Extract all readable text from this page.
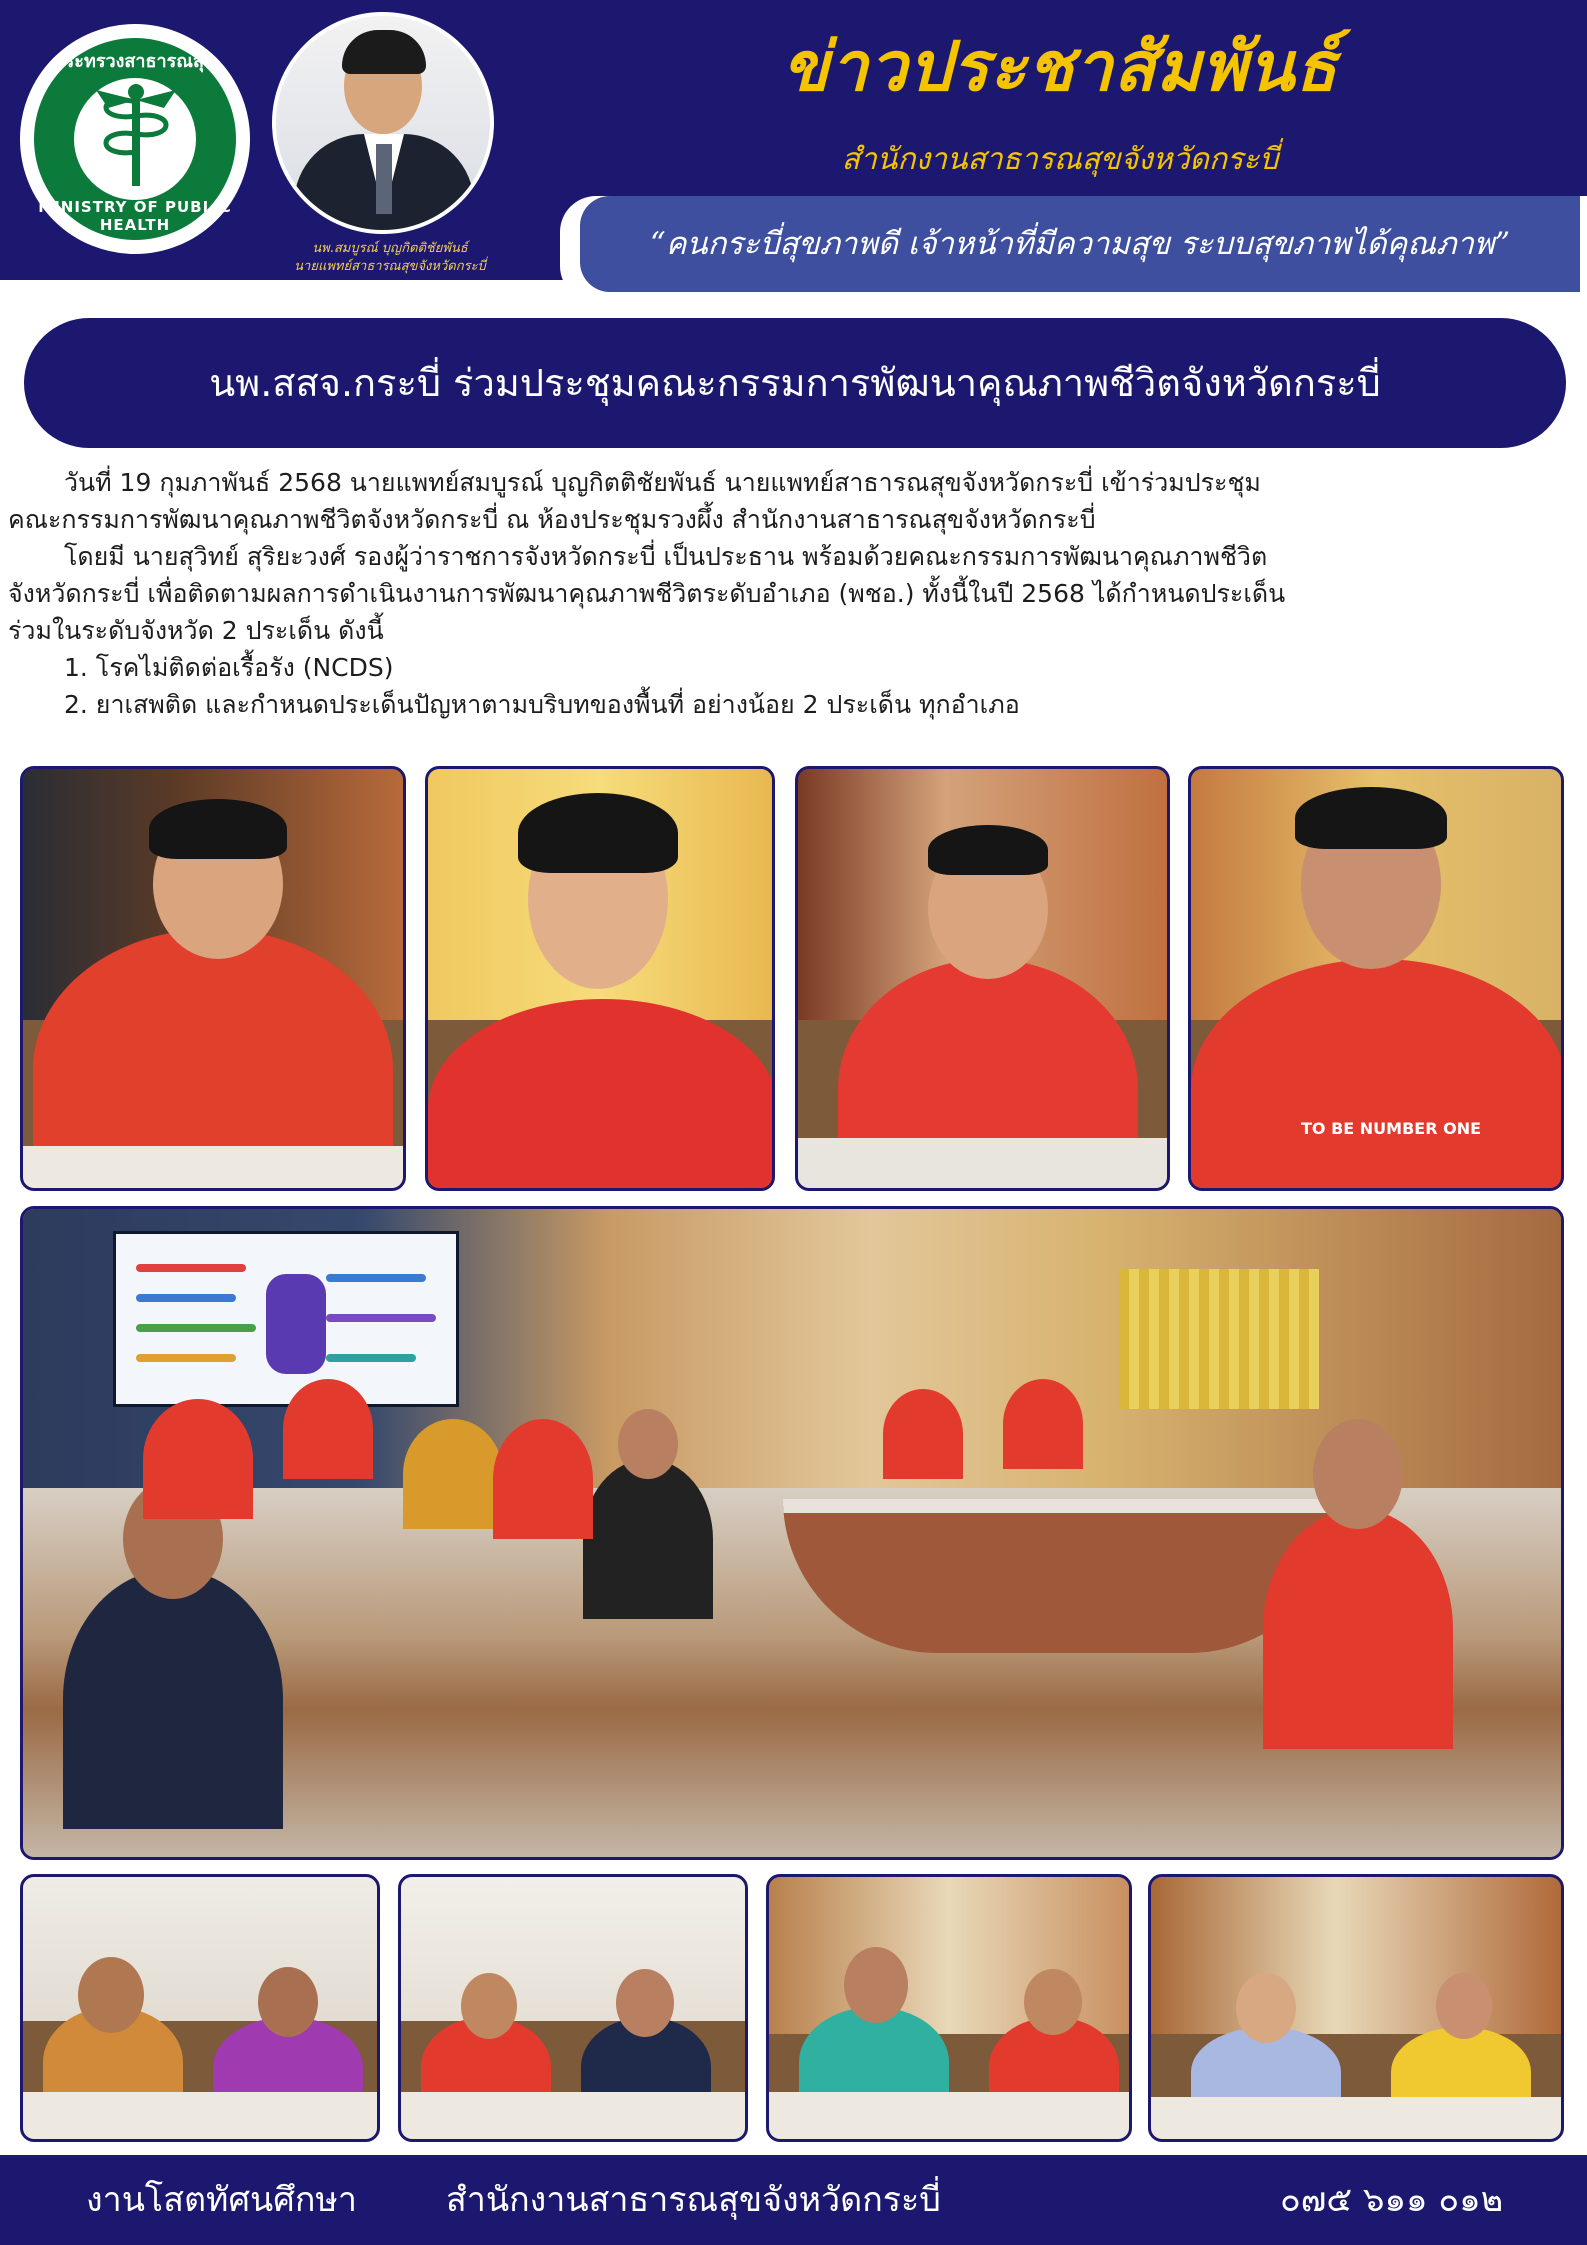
กระทรวงสาธารณสุข
MINISTRY OF PUBLIC HEALTH
นพ.สมบูรณ์ บุญกิตติชัยพันธ์
นายแพทย์สาธารณสุขจังหวัดกระบี่
ข่าวประชาสัมพันธ์
สำนักงานสาธารณสุขจังหวัดกระบี่
“คนกระบี่สุขภาพดี เจ้าหน้าที่มีความสุข ระบบสุขภาพได้คุณภาพ”
นพ.สสจ.กระบี่ ร่วมประชุมคณะกรรมการพัฒนาคุณภาพชีวิตจังหวัดกระบี่

วันที่ 19 กุมภาพันธ์ 2568 นายแพทย์สมบูรณ์ บุญกิตติชัยพันธ์ นายแพทย์สาธารณสุขจังหวัดกระบี่ เข้าร่วมประชุม

คณะกรรมการพัฒนาคุณภาพชีวิตจังหวัดกระบี่ ณ ห้องประชุมรวงผึ้ง สำนักงานสาธารณสุขจังหวัดกระบี่

โดยมี นายสุวิทย์ สุริยะวงศ์ รองผู้ว่าราชการจังหวัดกระบี่ เป็นประธาน พร้อมด้วยคณะกรรมการพัฒนาคุณภาพชีวิต

จังหวัดกระบี่ เพื่อติดตามผลการดำเนินงานการพัฒนาคุณภาพชีวิตระดับอำเภอ (พชอ.) ทั้งนี้ในปี 2568 ได้กำหนดประเด็น

ร่วมในระดับจังหวัด 2 ประเด็น ดังนี้

1. โรคไม่ติดต่อเรื้อรัง (NCDS)

2. ยาเสพติด และกำหนดประเด็นปัญหาตามบริบทของพื้นที่ อย่างน้อย 2 ประเด็น ทุกอำเภอ

TO BE NUMBER ONE
งานโสตทัศนศึกษา	สำนักงานสาธารณสุขจังหวัดกระบี่	๐๗๕ ๖๑๑ ๐๑๒
